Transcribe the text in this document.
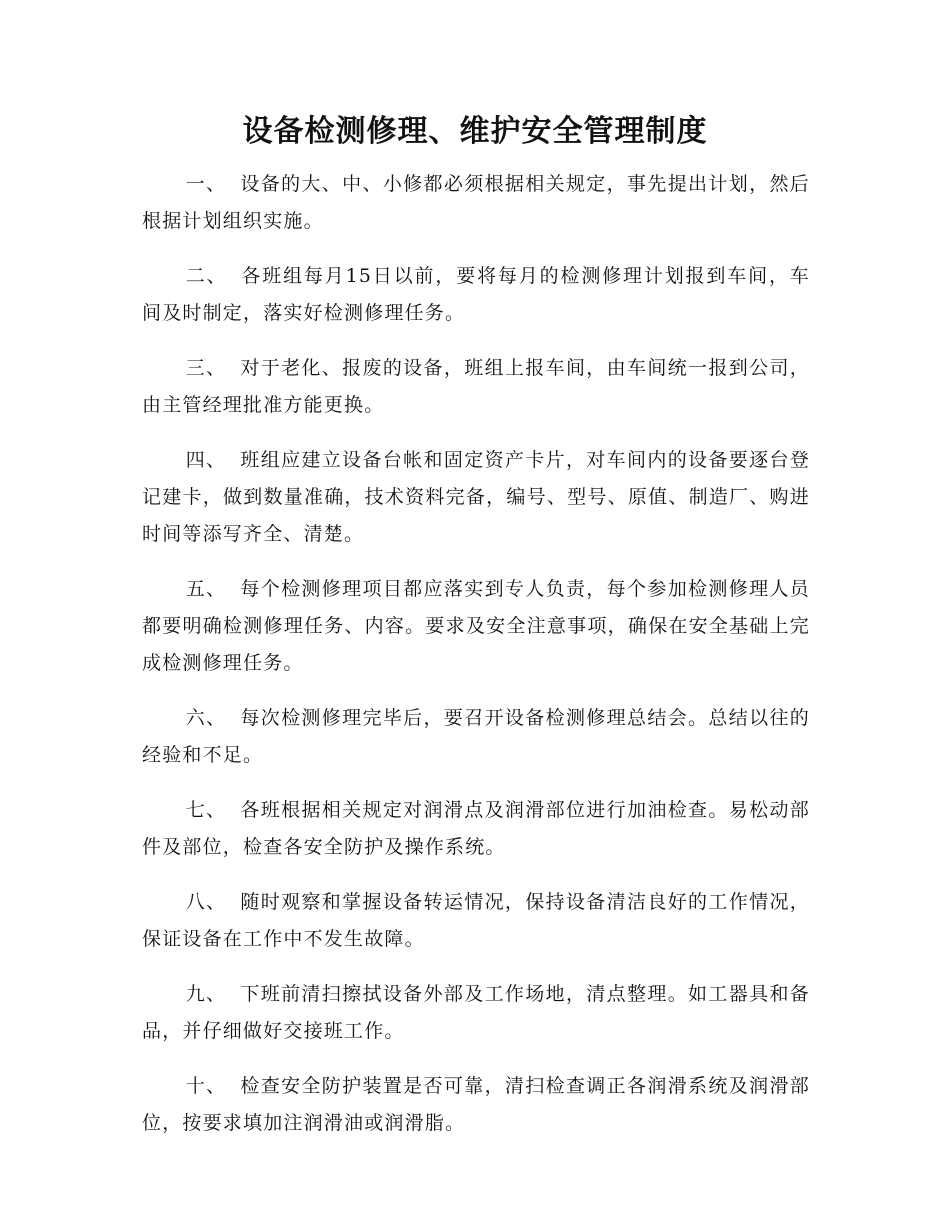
设备检测修理、维护安全管理制度

一、 设备的大、中、小修都必须根据相关规定，事先提出计划，然后根据计划组织实施。

二、 各班组每月15日以前，要将每月的检测修理计划报到车间，车间及时制定，落实好检测修理任务。

三、 对于老化、报废的设备，班组上报车间，由车间统一报到公司，由主管经理批准方能更换。

四、 班组应建立设备台帐和固定资产卡片，对车间内的设备要逐台登记建卡，做到数量准确，技术资料完备，编号、型号、原值、制造厂、购进时间等添写齐全、清楚。

五、 每个检测修理项目都应落实到专人负责，每个参加检测修理人员都要明确检测修理任务、内容。要求及安全注意事项，确保在安全基础上完成检测修理任务。

六、 每次检测修理完毕后，要召开设备检测修理总结会。总结以往的经验和不足。

七、 各班根据相关规定对润滑点及润滑部位进行加油检查。易松动部件及部位，检查各安全防护及操作系统。

八、 随时观察和掌握设备转运情况，保持设备清洁良好的工作情况，保证设备在工作中不发生故障。

九、 下班前清扫擦拭设备外部及工作场地，清点整理。如工器具和备品，并仔细做好交接班工作。

十、 检查安全防护装置是否可靠，清扫检查调正各润滑系统及润滑部位，按要求填加注润滑油或润滑脂。
